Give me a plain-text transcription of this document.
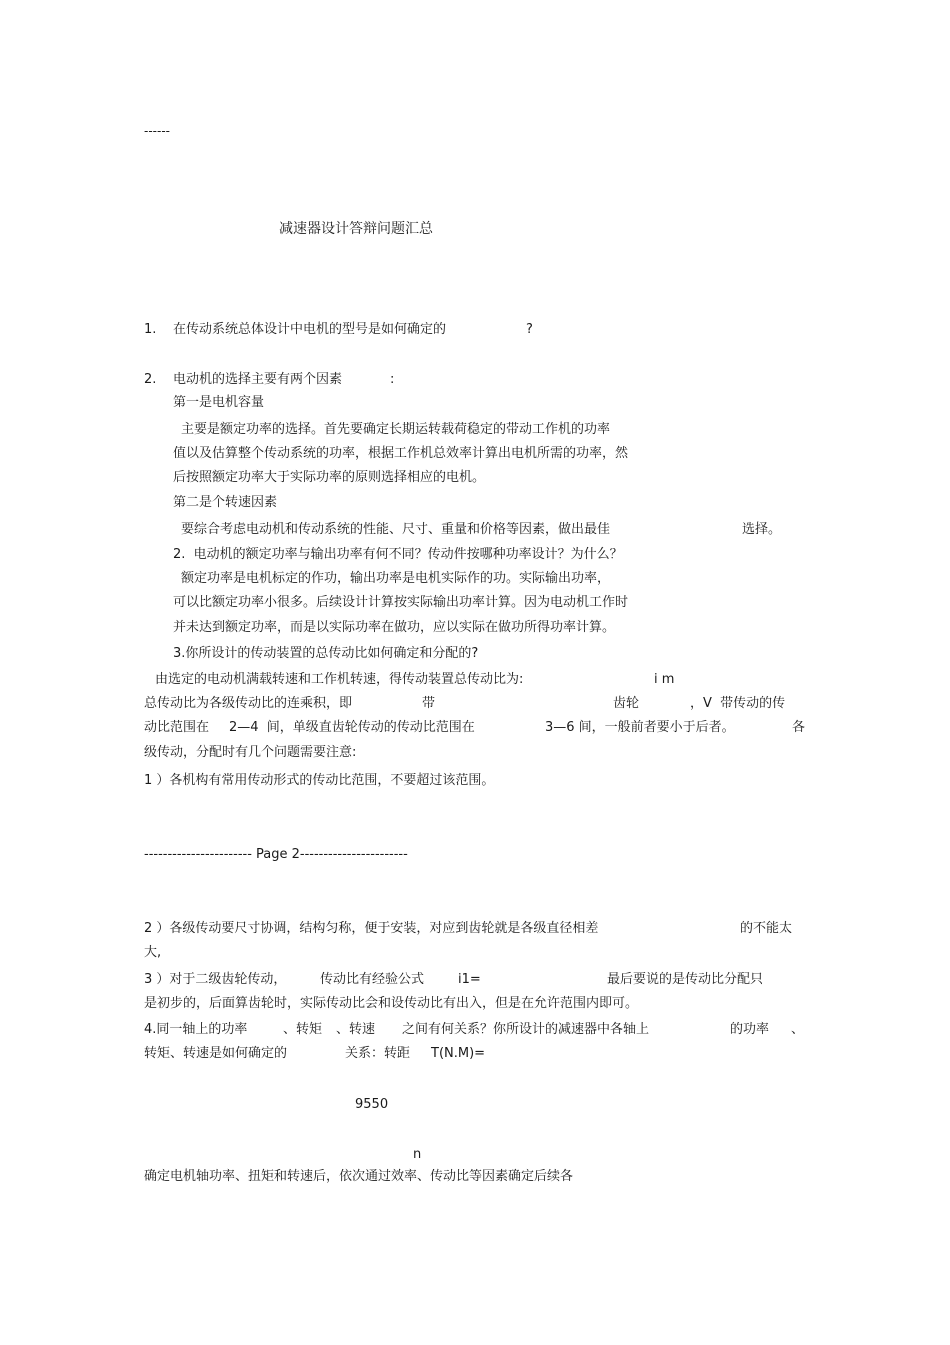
------
减速器设计答辩问题汇总
1. 在传动系统总体设计中电机的型号是如何确定的	?
2. 电动机的选择主要有两个因素	:
第一是电机容量
主要是额定功率的选择。首先要确定长期运转载荷稳定的带动工作机的功率
值以及估算整个传动系统的功率，根据工作机总效率计算出电机所需的功率，然
后按照额定功率大于实际功率的原则选择相应的电机。
第二是个转速因素
要综合考虑电动机和传动系统的性能、尺寸、重量和价格等因素，做出最佳	选择。
2.  电动机的额定功率与输出功率有何不同？传动件按哪种功率设计？为什么？
额定功率是电机标定的作功，输出功率是电机实际作的功。实际输出功率，
可以比额定功率小很多。后续设计计算按实际输出功率计算。因为电动机工作时
并未达到额定功率，而是以实际功率在做功，应以实际在做功所得功率计算。
3.你所设计的传动装置的总传动比如何确定和分配的?
由选定的电动机满载转速和工作机转速，得传动装置总传动比为:	i m
总传动比为各级传动比的连乘积，即	带	齿轮	，V  带传动的传
动比范围在 2—4  间，单级直齿轮传动的传动比范围在	3—6 间，一般前者要小于后者。	各
级传动，分配时有几个问题需要注意:
1 ）各机构有常用传动形式的传动比范围，不要超过该范围。
----------------------- Page 2-----------------------
2 ）各级传动要尺寸协调，结构匀称，便于安装，对应到齿轮就是各级直径相差	的不能太
大,
3 ）对于二级齿轮传动，	传动比有经验公式	i1=	最后要说的是传动比分配只
是初步的，后面算齿轮时，实际传动比会和设传动比有出入，但是在允许范围内即可。
4.同一轴上的功率	、转矩 、转速 之间有何关系？你所设计的减速器中各轴上	的功率 、
转矩、转速是如何确定的	关系：转距 T(N.M)=
9550
n
确定电机轴功率、扭矩和转速后，依次通过效率、传动比等因素确定后续各
